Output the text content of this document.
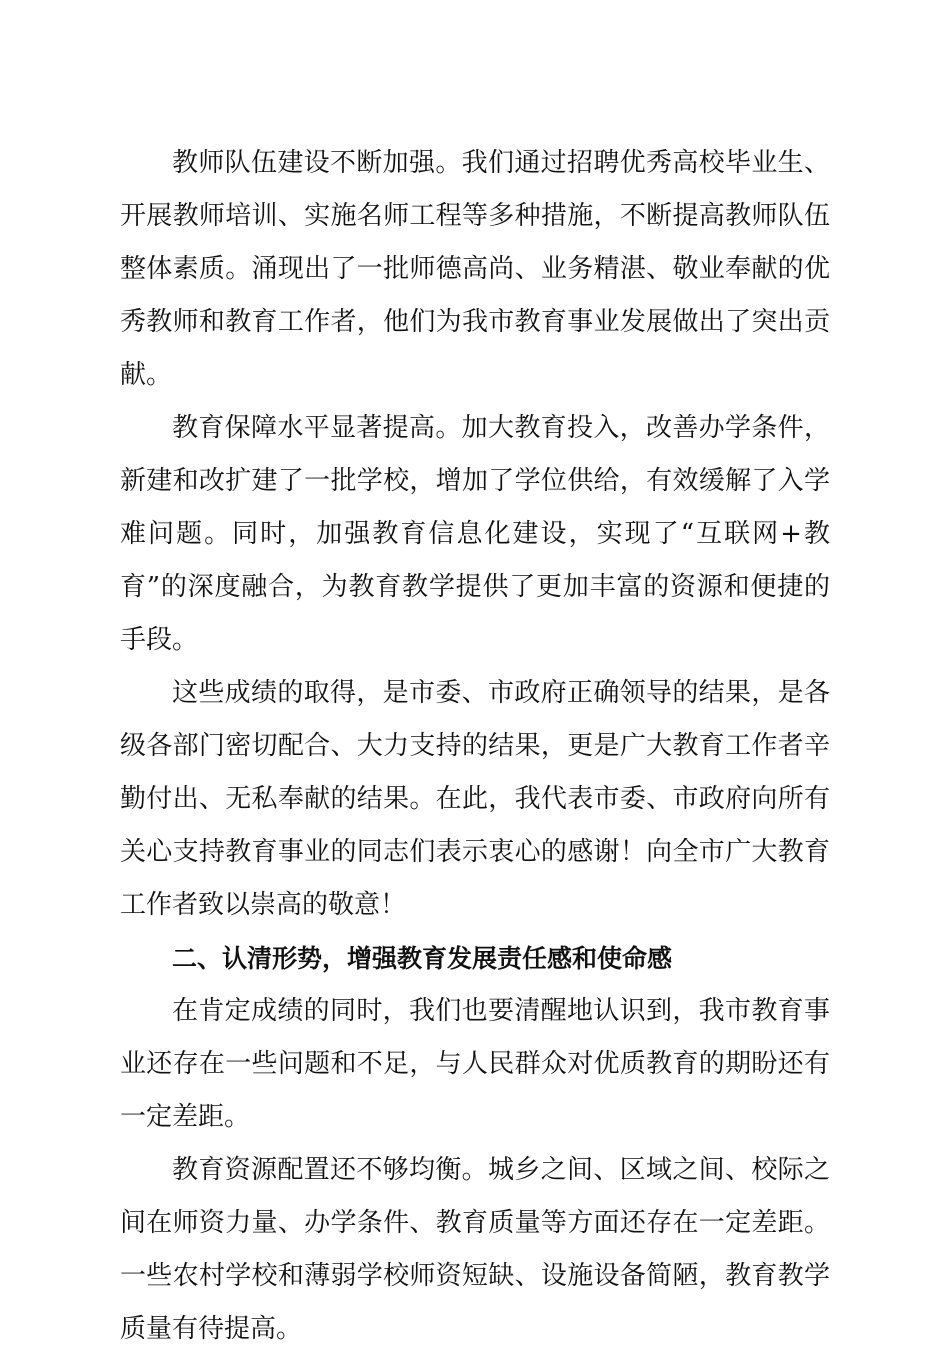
教师队伍建设不断加强。我们通过招聘优秀高校毕业生、开展教师培训、实施名师工程等多种措施，不断提高教师队伍整体素质。涌现出了一批师德高尚、业务精湛、敬业奉献的优秀教师和教育工作者，他们为我市教育事业发展做出了突出贡献。

教育保障水平显著提高。加大教育投入，改善办学条件，新建和改扩建了一批学校，增加了学位供给，有效缓解了入学难问题。同时，加强教育信息化建设，实现了“互联网+教育”的深度融合，为教育教学提供了更加丰富的资源和便捷的手段。

这些成绩的取得，是市委、市政府正确领导的结果，是各级各部门密切配合、大力支持的结果，更是广大教育工作者辛勤付出、无私奉献的结果。在此，我代表市委、市政府向所有关心支持教育事业的同志们表示衷心的感谢！向全市广大教育工作者致以崇高的敬意！

二、认清形势，增强教育发展责任感和使命感

在肯定成绩的同时，我们也要清醒地认识到，我市教育事业还存在一些问题和不足，与人民群众对优质教育的期盼还有一定差距。

教育资源配置还不够均衡。城乡之间、区域之间、校际之间在师资力量、办学条件、教育质量等方面还存在一定差距。一些农村学校和薄弱学校师资短缺、设施设备简陋，教育教学质量有待提高。
